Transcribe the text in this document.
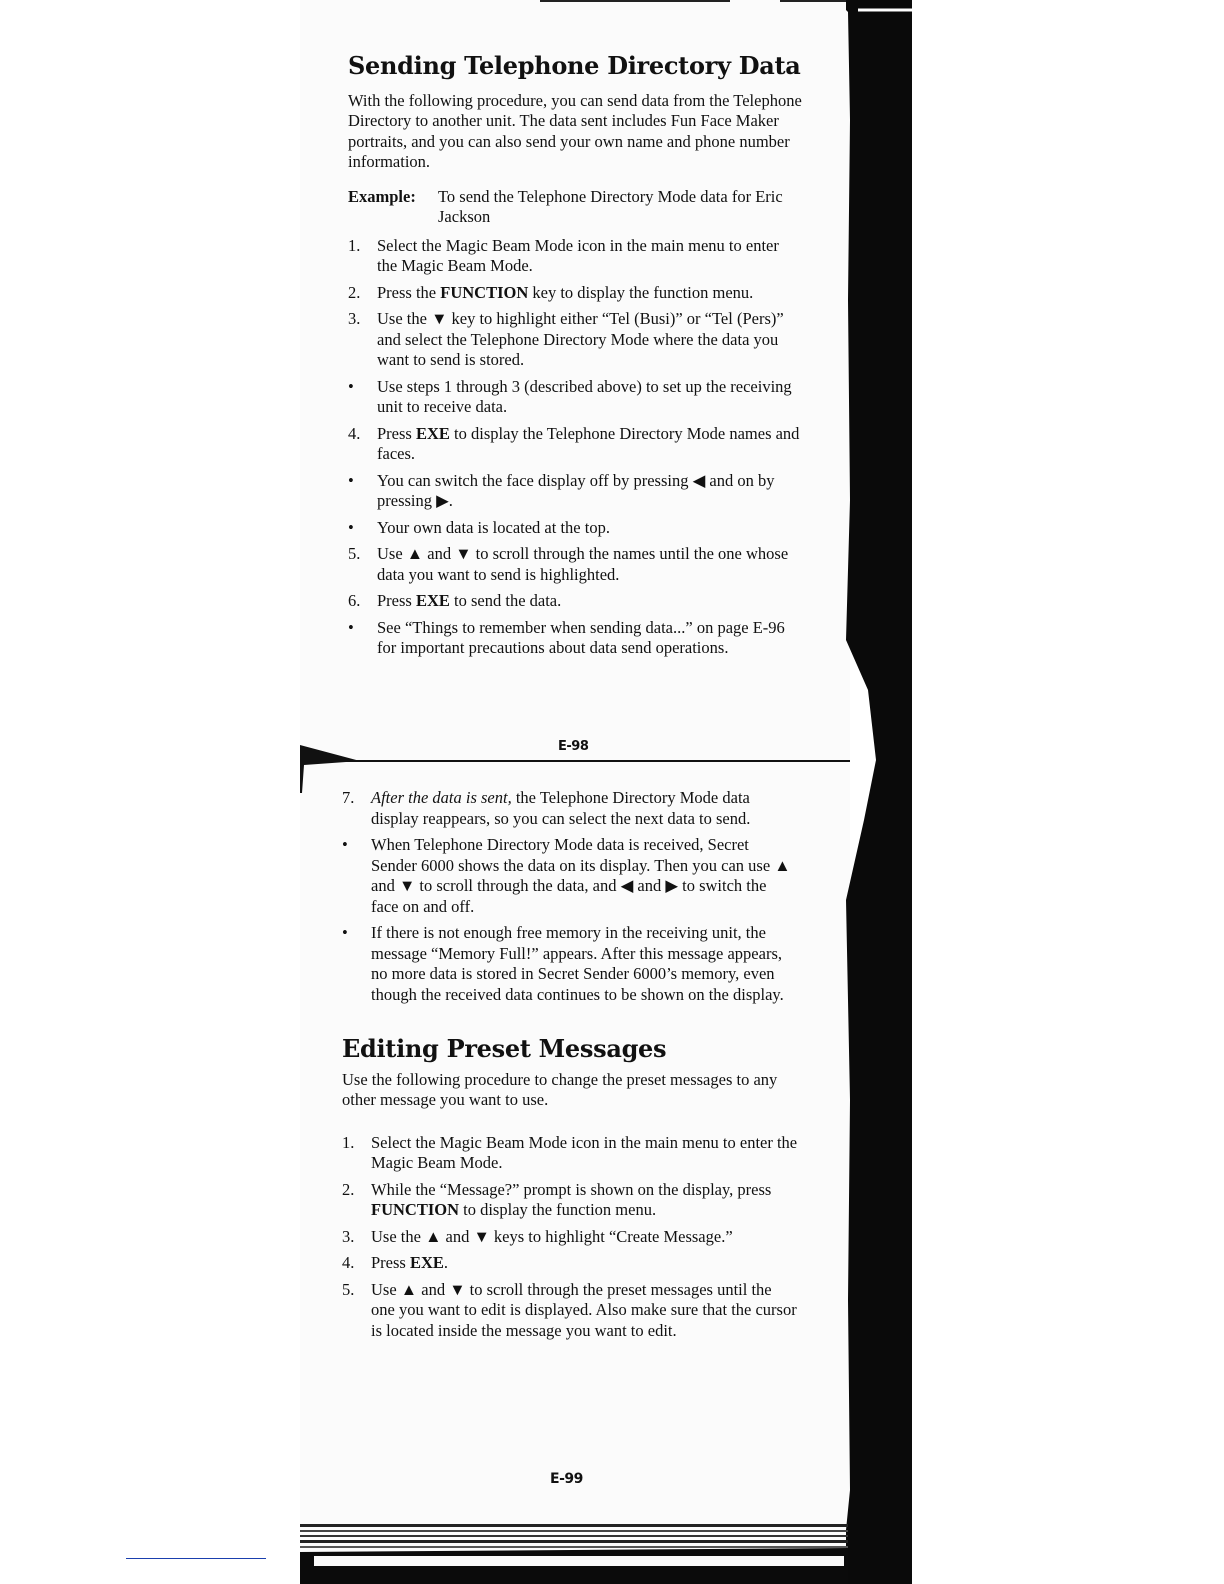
Sending Telephone Directory Data

With the following procedure, you can send data from the Telephone Directory to another unit. The data sent includes Fun Face Maker portraits, and you can also send your own name and phone number information.

Example:	To send the Telephone Directory Mode data for Eric Jackson
1.	Select the Magic Beam Mode icon in the main menu to enter the Magic Beam Mode.
2.	Press the FUNCTION key to display the function menu.
3.	Use the ▼ key to highlight either “Tel (Busi)” or “Tel (Pers)” and select the Telephone Directory Mode where the data you want to send is stored.
•	Use steps 1 through 3 (described above) to set up the receiving unit to receive data.
4.	Press EXE to display the Telephone Directory Mode names and faces.
•	You can switch the face display off by pressing ◀ and on by pressing ▶.
•	Your own data is located at the top.
5.	Use ▲ and ▼ to scroll through the names until the one whose data you want to send is highlighted.
6.	Press EXE to send the data.
•	See “Things to remember when sending data...” on page E-96 for important precautions about data send operations.
E-98
7.	After the data is sent, the Telephone Directory Mode data display reappears, so you can select the next data to send.
•	When Telephone Directory Mode data is received, Secret Sender 6000 shows the data on its display. Then you can use ▲ and ▼ to scroll through the data, and ◀ and ▶ to switch the face on and off.
•	If there is not enough free memory in the receiving unit, the message “Memory Full!” appears. After this message appears, no more data is stored in Secret Sender 6000’s memory, even though the received data continues to be shown on the display.
Editing Preset Messages

Use the following procedure to change the preset messages to any other message you want to use.

1.	Select the Magic Beam Mode icon in the main menu to enter the Magic Beam Mode.
2.	While the “Message?” prompt is shown on the display, press FUNCTION to display the function menu.
3.	Use the ▲ and ▼ keys to highlight “Create Message.”
4.	Press EXE.
5.	Use ▲ and ▼ to scroll through the preset messages until the one you want to edit is displayed. Also make sure that the cursor is located inside the message you want to edit.
E-99
